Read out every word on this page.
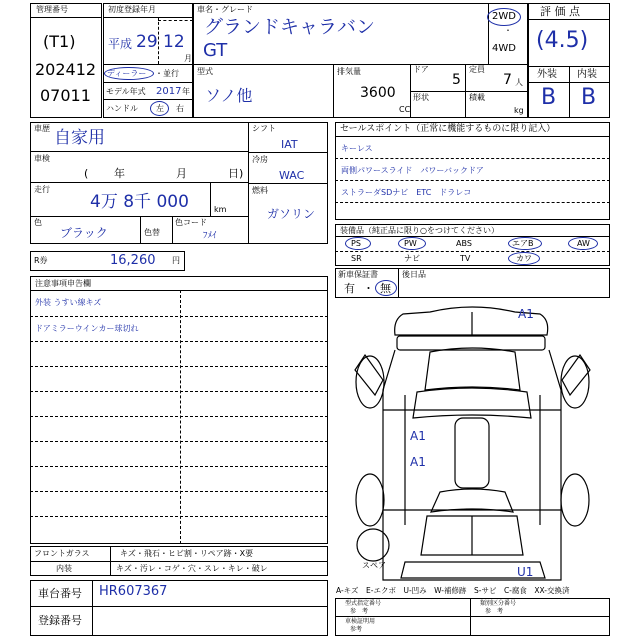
管理番号
(T1)
202412
07011
初度登録年月
平成 29 12
月
ディーラー ・ 並行
モデル年式 2017 年
ハンドル 左 右
車名・グレード
グランドキャラバン
GT
2WD
・
4WD
型式
ソノ他
排気量
3600
CC
ドア
5
定員
7 人
形状	積載
kg
評 価 点
(4.5)
外装 内装
B B
車歴 自家用
車検
( 年	月	日)
走行
4万 8千 000	km
色
ブラック	色替
色コード
ﾌﾒｲ
シフト
IAT
冷房
WAC
燃料
ガソリン
R券	16,260 円
注意事項申告欄
外装 うすい線キズ
ドアミラーウインカー球切れ
フロントガラス	キズ・飛石・ヒビ割・リペア跡・X要
内装	キズ・汚レ・コゲ・穴・スレ・キレ・破レ
車台番号 HR607367
登録番号
セールスポイント（正常に機能するものに限り記入）
キーレス
両側パワースライド　パワーバックドア
ストラーダSDナビ　ETC　ドラレコ
装備品（純正品に限り○をつけてください）
PS	PW	ABS	エアB	AW
SR	ナビ	TV	カワ
新車保証書
有 ・ 無
後日品
A1
A1
A1
U1
スペア
A-キズ　E-エクボ　U-凹み　W-補修跡　S-サビ　C-腐食　XX-交換済
型式指定番号
参　考
類別区分番号
参　考
車検証明用
参考
